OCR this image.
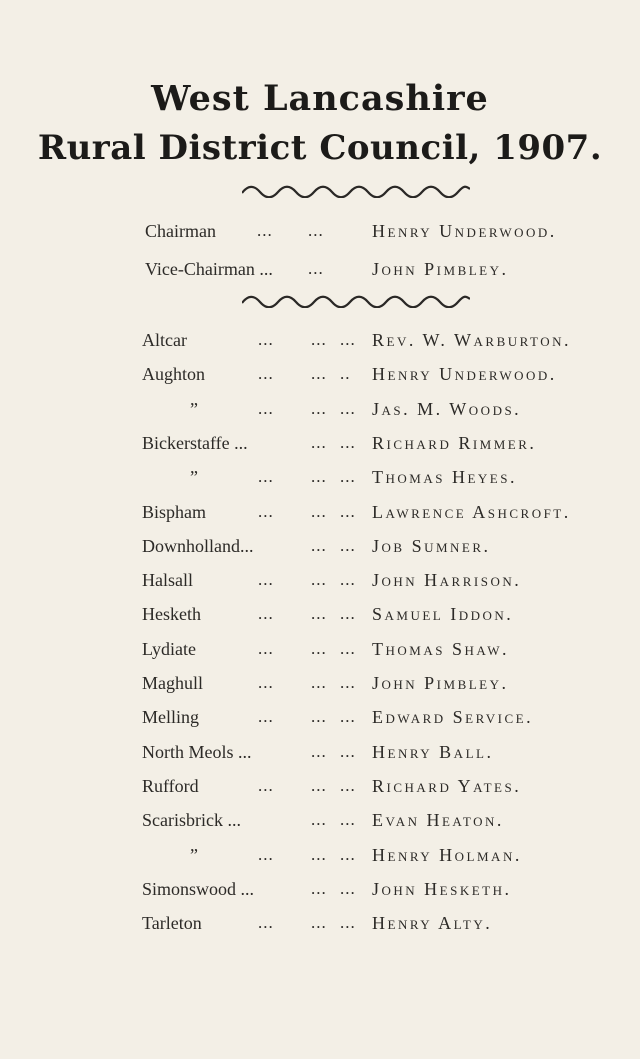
West Lancashire
Rural District Council, 1907.
Chairman ... ...	Henry Underwood.
Vice-Chairman ... ...	John Pimbley.
Altcar	... ... ... Rev. W. Warburton.
Aughton	... ... .. Henry Underwood.
”	... ... ... Jas. M. Woods.
Bickerstaffe ...	... ... Richard Rimmer.
”	... ... ... Thomas Heyes.
Bispham	... ... ... Lawrence Ashcroft.
Downholland...	... ... Job Sumner.
Halsall	... ... ... John Harrison.
Hesketh	... ... ... Samuel Iddon.
Lydiate	... ... ... Thomas Shaw.
Maghull	... ... ... John Pimbley.
Melling	... ... ... Edward Service.
North Meols ...	... ... Henry Ball.
Rufford	... ... ... Richard Yates.
Scarisbrick ...	... ... Evan Heaton.
”	... ... ... Henry Holman.
Simonswood ...	... ... John Hesketh.
Tarleton	... ... ... Henry Alty.
